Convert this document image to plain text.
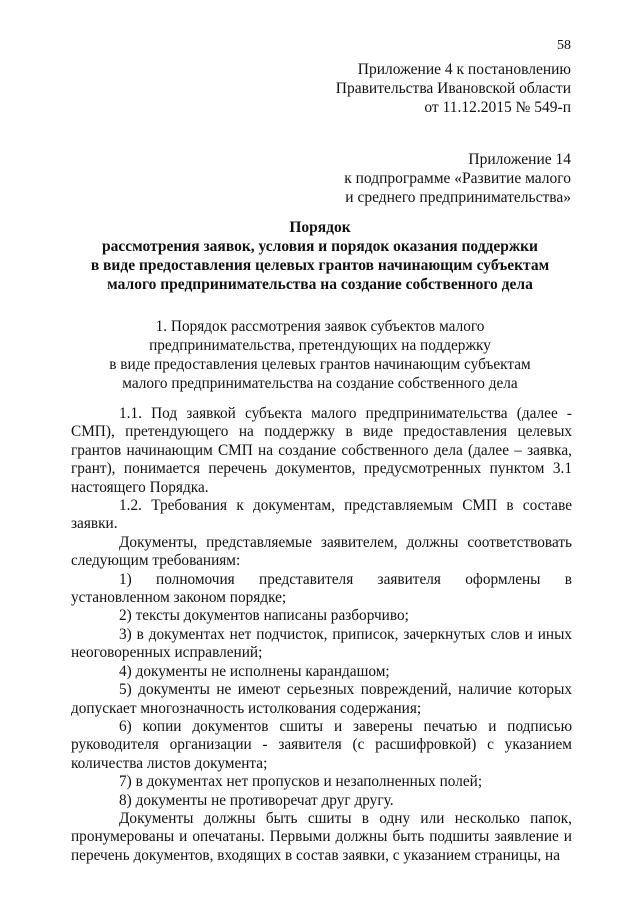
58
Приложение 4 к постановлению
Правительства Ивановской области
от 11.12.2015 № 549-п
Приложение 14
к подпрограмме «Развитие малого
и среднего предпринимательства»
Порядок
рассмотрения заявок, условия и порядок оказания поддержки
в виде предоставления целевых грантов начинающим субъектам
малого предпринимательства на создание собственного дела
1. Порядок рассмотрения заявок субъектов малого
предпринимательства, претендующих на поддержку
в виде предоставления целевых грантов начинающим субъектам
малого предпринимательства на создание собственного дела

1.1. Под заявкой субъекта малого предпринимательства (далее - СМП), претендующего на поддержку в виде предоставления целевых грантов начинающим СМП на создание собственного дела (далее – заявка, грант), понимается перечень документов, предусмотренных пунктом 3.1 настоящего Порядка.

1.2. Требования к документам, представляемым СМП в составе заявки.

Документы, представляемые заявителем, должны соответствовать следующим требованиям:

1) полномочия представителя заявителя оформлены в установленном законом порядке;

2) тексты документов написаны разборчиво;

3) в документах нет подчисток, приписок, зачеркнутых слов и иных неоговоренных исправлений;

4) документы не исполнены карандашом;

5) документы не имеют серьезных повреждений, наличие которых допускает многозначность истолкования содержания;

6) копии документов сшиты и заверены печатью и подписью руководителя организации - заявителя (с расшифровкой) с указанием количества листов документа;

7) в документах нет пропусков и незаполненных полей;

8) документы не противоречат друг другу.

Документы должны быть сшиты в одну или несколько папок, пронумерованы и опечатаны. Первыми должны быть подшиты заявление и перечень документов, входящих в состав заявки, с указанием страницы, на
